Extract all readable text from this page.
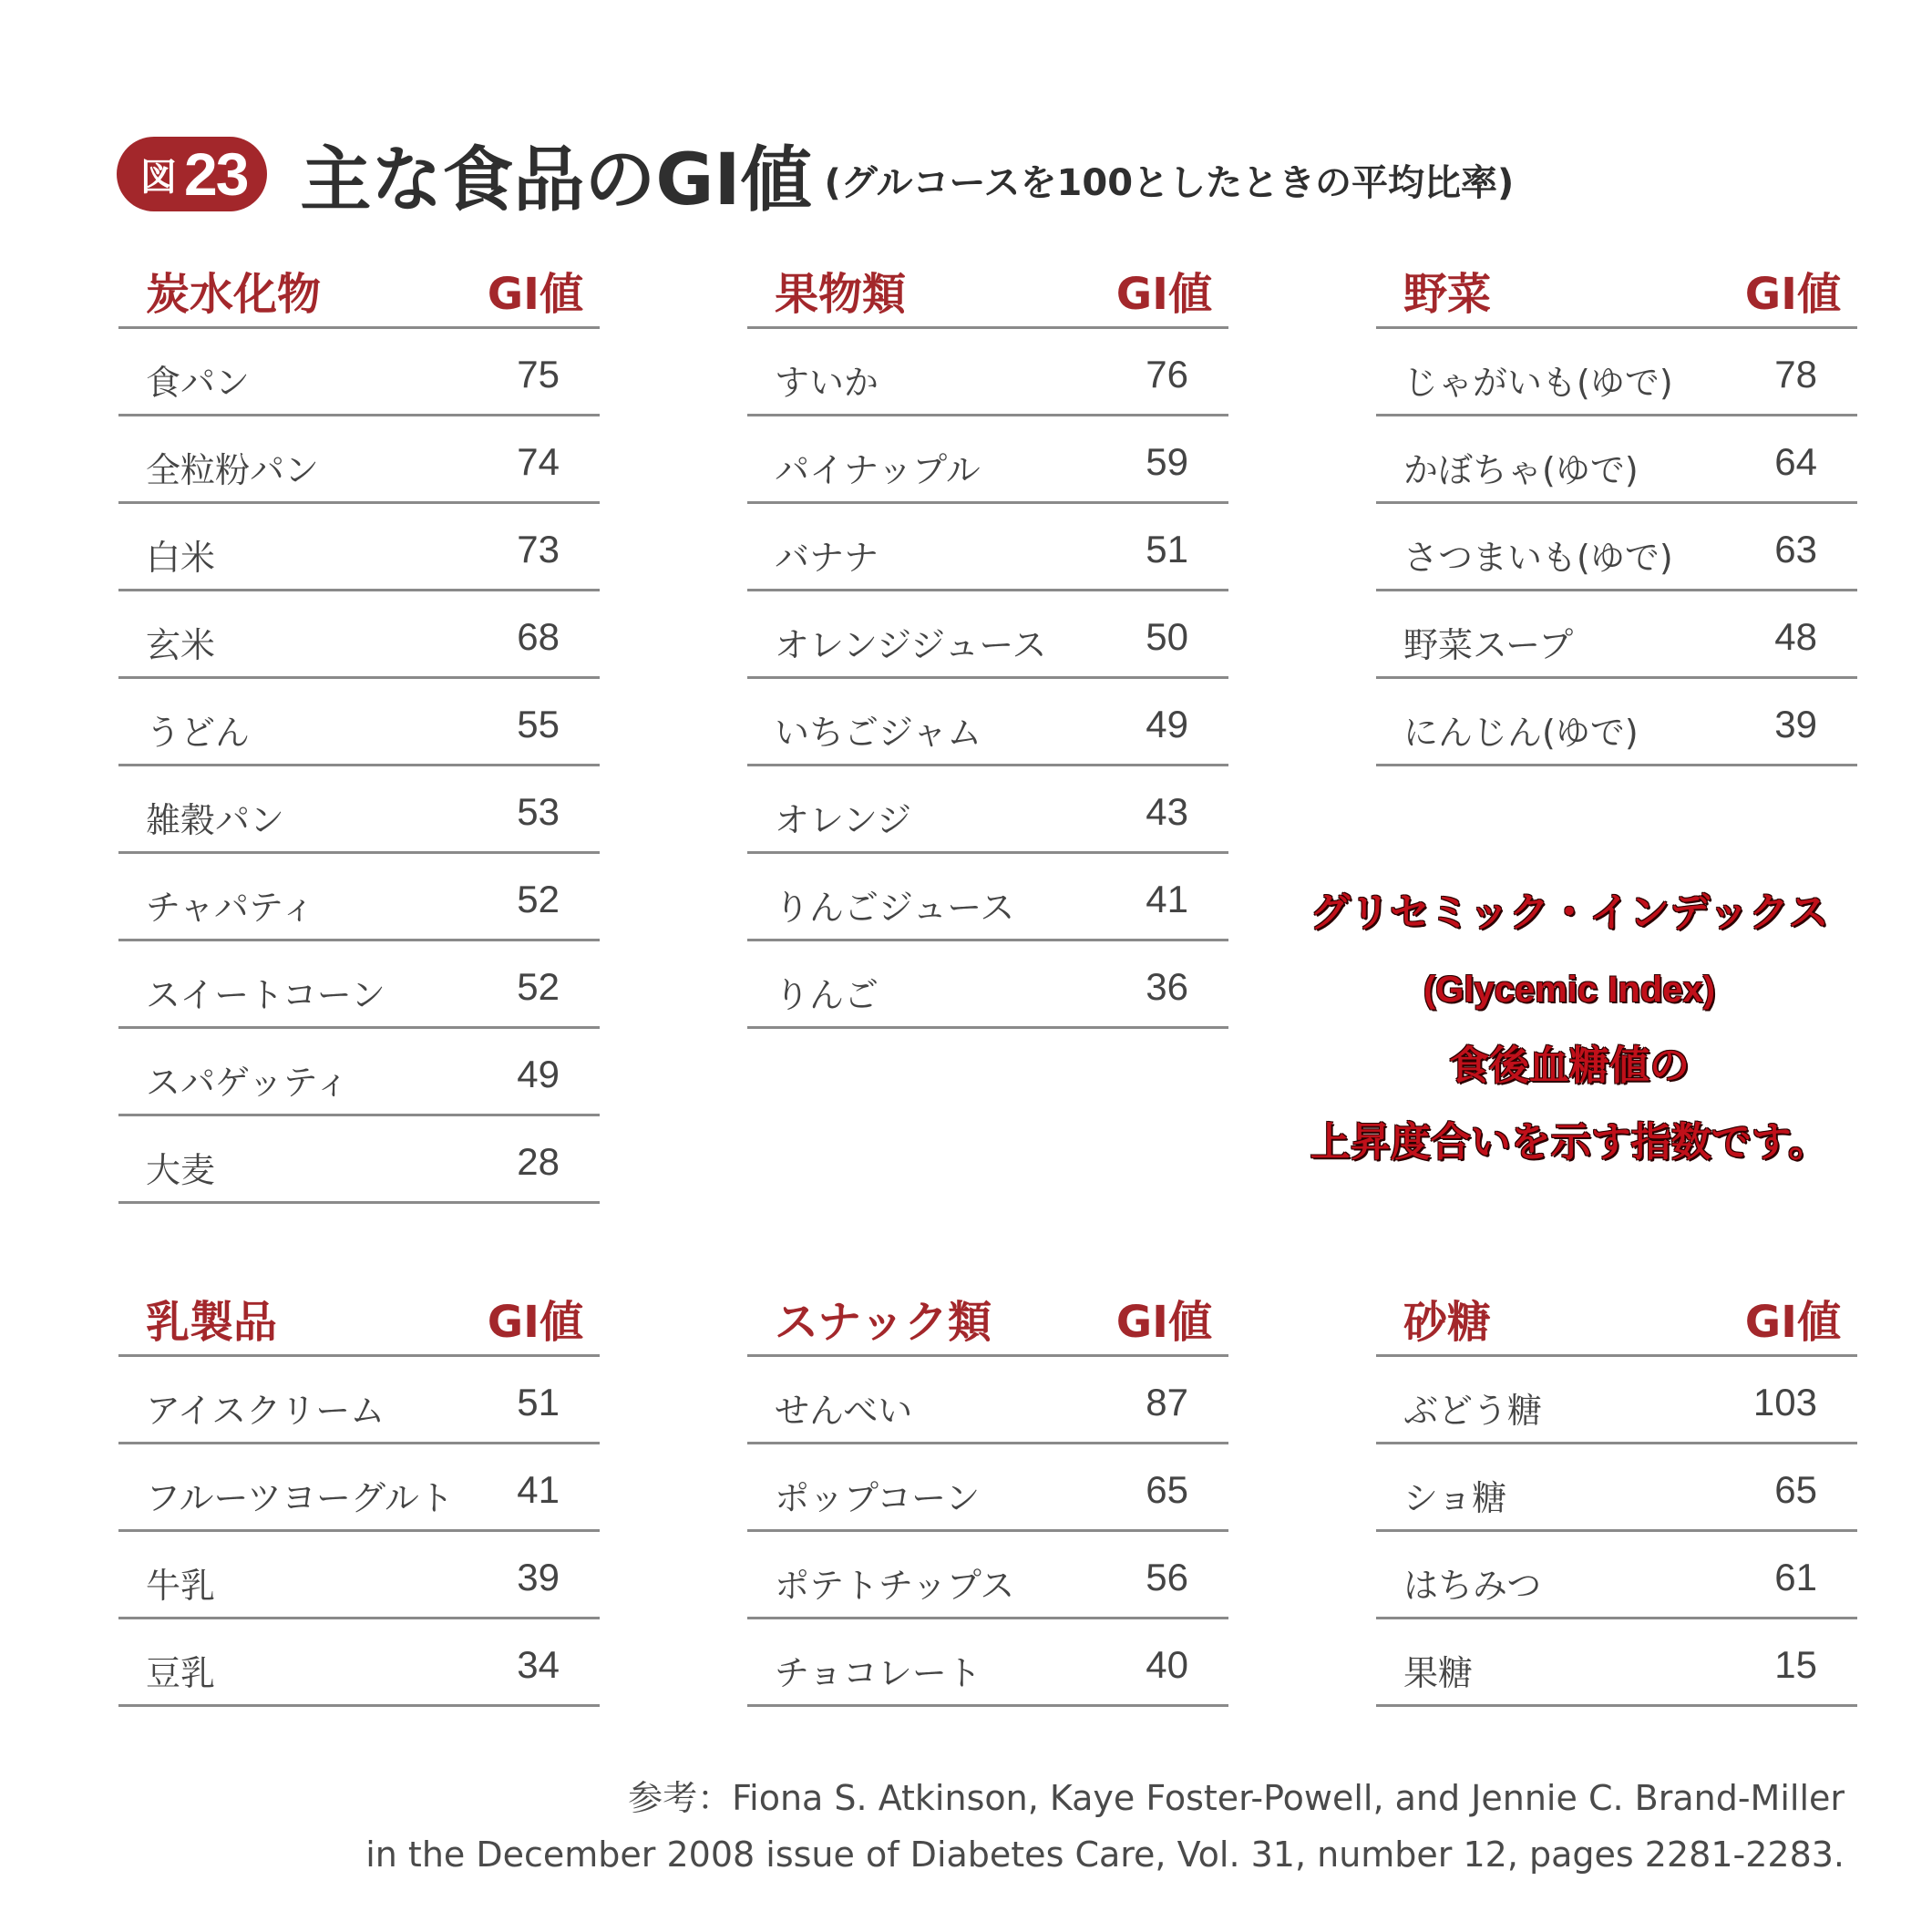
図 23 主な食品のGI値 (グルコースを100としたときの平均比率)
炭水化物	GI値
食パン	75
全粒粉パン	74
白米	73
玄米	68
うどん	55
雑穀パン	53
チャパティ	52
スイートコーン	52
スパゲッティ	49
大麦	28
果物類	GI値
すいか	76
パイナップル	59
バナナ	51
オレンジジュース	50
いちごジャム	49
オレンジ	43
りんごジュース	41
りんご	36
野菜	GI値
じゃがいも(ゆで)	78
かぼちゃ(ゆで)	64
さつまいも(ゆで)	63
野菜スープ	48
にんじん(ゆで)	39
グリセミック・インデックス
(Glycemic Index)
食後血糖値の
上昇度合いを示す指数です。
乳製品	GI値
アイスクリーム	51
フルーツヨーグルト 41
牛乳	39
豆乳	34
スナック類	GI値
せんべい	87
ポップコーン	65
ポテトチップス	56
チョコレート	40
砂糖	GI値
ぶどう糖	103
ショ糖	65
はちみつ	61
果糖	15
参考：Fiona S. Atkinson, Kaye Foster-Powell, and Jennie C. Brand-Miller
in the December 2008 issue of Diabetes Care, Vol. 31, number 12, pages 2281-2283.
